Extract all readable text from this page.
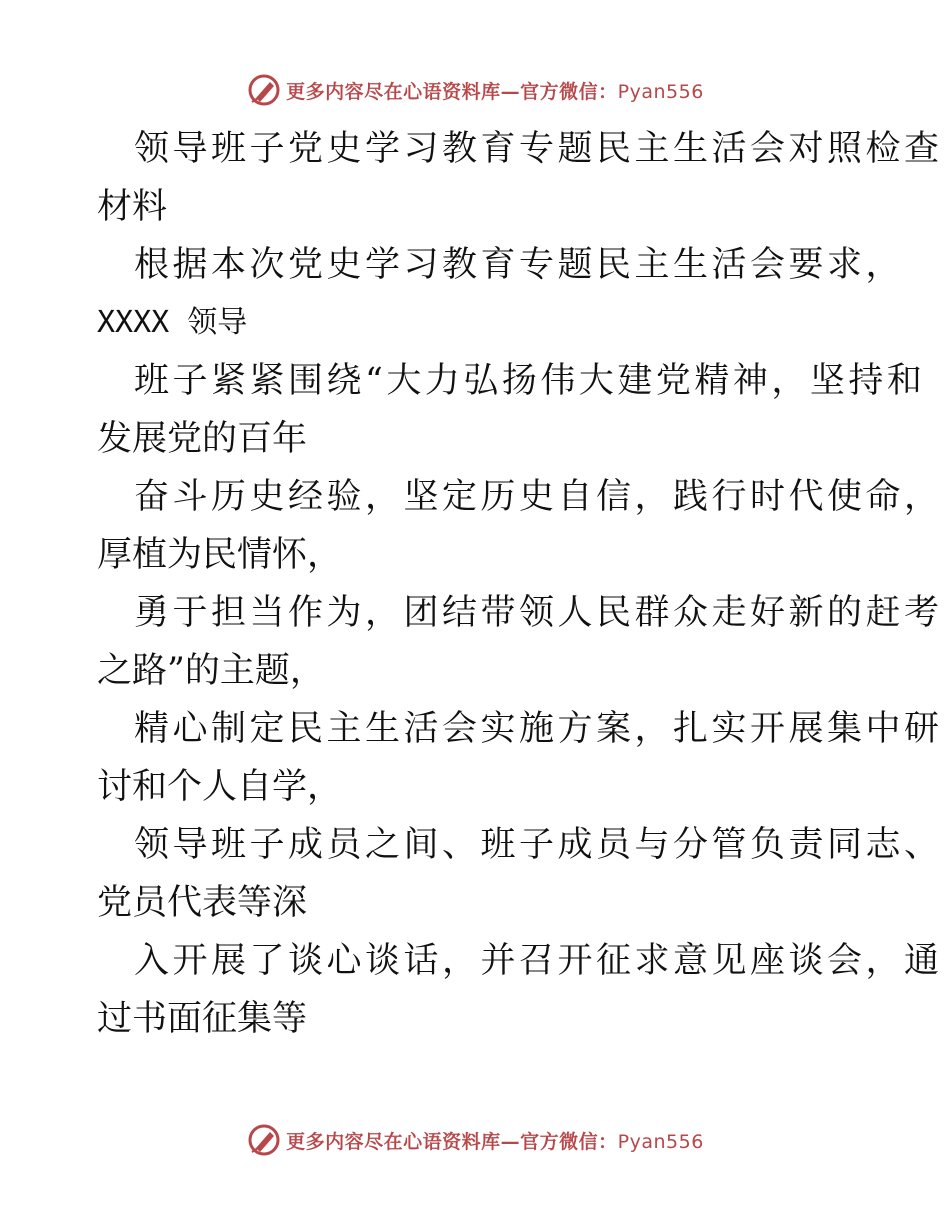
更多内容尽在心语资料库—官方微信：Pyan556
领导班子党史学习教育专题民主生活会对照检查
材料
根据本次党史学习教育专题民主生活会要求，
XXXX 领导
班子紧紧围绕“大力弘扬伟大建党精神，坚持和
发展党的百年
奋斗历史经验，坚定历史自信，践行时代使命，
厚植为民情怀，
勇于担当作为，团结带领人民群众走好新的赶考
之路”的主题，
精心制定民主生活会实施方案，扎实开展集中研
讨和个人自学，
领导班子成员之间、班子成员与分管负责同志、
党员代表等深
入开展了谈心谈话，并召开征求意见座谈会，通
过书面征集等
更多内容尽在心语资料库—官方微信：Pyan556
